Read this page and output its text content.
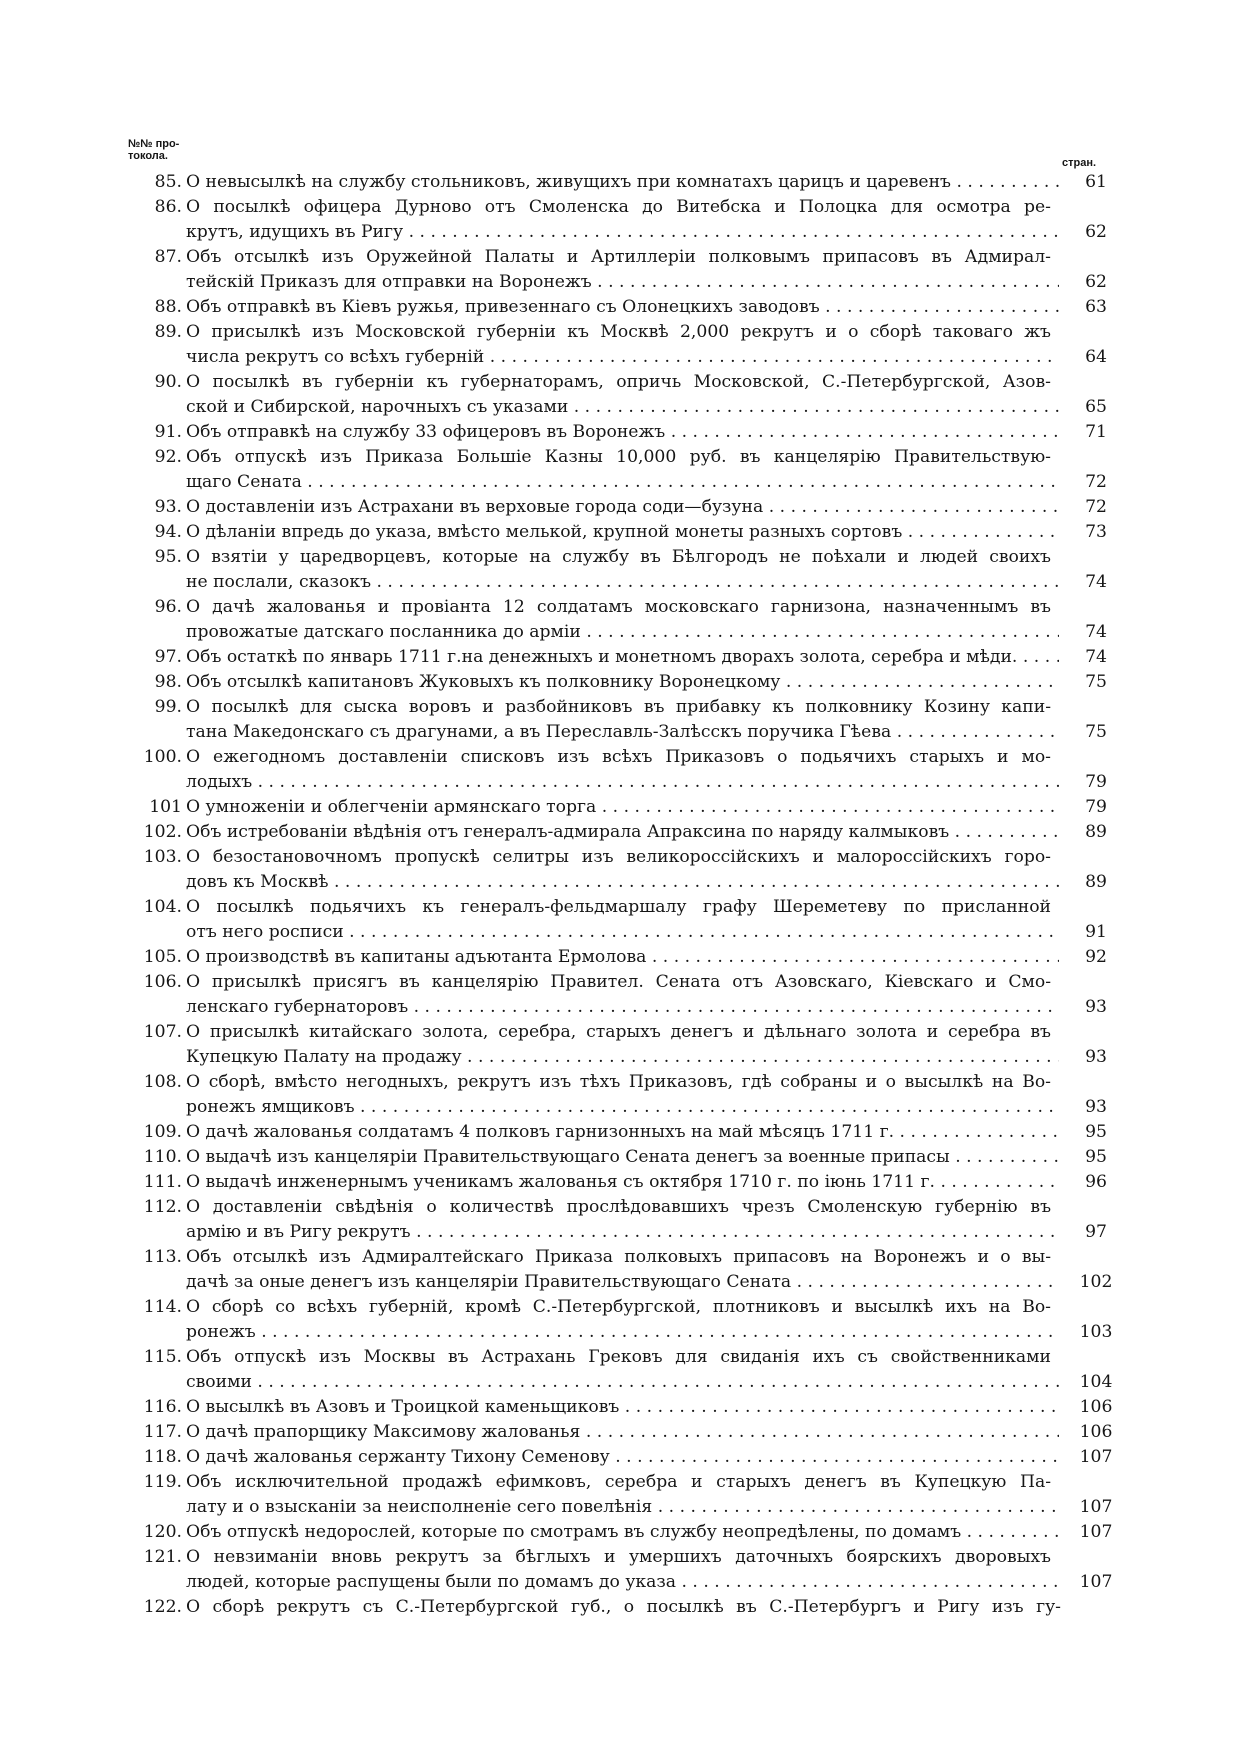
№№ про-
токола.
стран.
85. О невысылкѣ на службу стольниковъ, живущихъ при комнатахъ царицъ и царевенъ . . .	61
86. О посылкѣ офицера Дурново отъ Смоленска до Витебска и Полоцка для осмотра ре-
крутъ, идущихъ въ Ригу . . .	62
87. Объ отсылкѣ изъ Оружейной Палаты и Артиллеріи полковымъ припасовъ въ Адмирал-
тейскій Приказъ для отправки на Воронежъ . . .	62
88. Объ отправкѣ въ Кіевъ ружья, привезеннаго съ Олонецкихъ заводовъ . . .	63
89. О присылкѣ изъ Московской губерніи къ Москвѣ 2,000 рекрутъ и о сборѣ таковаго жъ
числа рекрутъ со всѣхъ губерній . . .	64
90. О посылкѣ въ губерніи къ губернаторамъ, опричь Московской, С.-Петербургской, Азов-
ской и Сибирской, нарочныхъ съ указами . . .	65
91. Объ отправкѣ на службу 33 офицеровъ въ Воронежъ . . .	71
92. Объ отпускѣ изъ Приказа Большіе Казны 10,000 руб. въ канцелярію Правительствую-
щаго Сената . . .	72
93. О доставленіи изъ Астрахани въ верховые города соди—бузуна . . .	72
94. О дѣланіи впредь до указа, вмѣсто мелькой, крупной монеты разныхъ сортовъ . . .	73
95. О взятіи у царедворцевъ, которые на службу въ Бѣлгородъ не поѣхали и людей своихъ
не послали, сказокъ . . .	74
96. О дачѣ жалованья и провіанта 12 солдатамъ московскаго гарнизона, назначеннымъ въ
провожатые датскаго посланника до арміи . . .	74
97. Объ остаткѣ по январь 1711 г.на денежныхъ и монетномъ дворахъ золота, серебра и мѣди. . . .	74
98. Объ отсылкѣ капитановъ Жуковыхъ къ полковнику Воронецкому . . .	75
99. О посылкѣ для сыска воровъ и разбойниковъ въ прибавку къ полковнику Козину капи-
тана Македонскаго съ драгунами, а въ Переславль-Залѣсскъ поручика Гѣева . . .	75
100. О ежегодномъ доставленіи списковъ изъ всѣхъ Приказовъ о подьячихъ старыхъ и мо-
лодыхъ . . .	79
101 О умноженіи и облегченіи армянскаго торга . . .	79
102. Объ истребованіи вѣдѣнія отъ генералъ-адмирала Апраксина по наряду калмыковъ . . .	89
103. О безостановочномъ пропускѣ селитры изъ великороссійскихъ и малороссійскихъ горо-
довъ къ Москвѣ . . .	89
104. О посылкѣ подьячихъ къ генералъ-фельдмаршалу графу Шереметеву по присланной
отъ него росписи . . .	91
105. О производствѣ въ капитаны адъютанта Ермолова . . .	92
106. О присылкѣ присягъ въ канцелярію Правител. Сената отъ Азовскаго, Кіевскаго и Смо-
ленскаго губернаторовъ . . .	93
107. О присылкѣ китайскаго золота, серебра, старыхъ денегъ и дѣльнаго золота и серебра въ
Купецкую Палату на продажу . . .	93
108. О сборѣ, вмѣсто негодныхъ, рекрутъ изъ тѣхъ Приказовъ, гдѣ собраны и о высылкѣ на Во-
ронежъ ямщиковъ . . .	93
109. О дачѣ жалованья солдатамъ 4 полковъ гарнизонныхъ на май мѣсяцъ 1711 г. . . .	95
110. О выдачѣ изъ канцеляріи Правительствующаго Сената денегъ за военные припасы . . .	95
111. О выдачѣ инженернымъ ученикамъ жалованья съ октября 1710 г. по іюнь 1711 г. . . .	96
112. О доставленіи свѣдѣнія о количествѣ прослѣдовавшихъ чрезъ Смоленскую губернію въ
армію и въ Ригу рекрутъ . . .	97
113. Объ отсылкѣ изъ Адмиралтейскаго Приказа полковыхъ припасовъ на Воронежъ и о вы-
дачѣ за оные денегъ изъ канцеляріи Правительствующаго Сената . . .	102
114. О сборѣ со всѣхъ губерній, кромѣ С.-Петербургской, плотниковъ и высылкѣ ихъ на Во-
ронежъ . . .	103
115. Объ отпускѣ изъ Москвы въ Астрахань Грековъ для свиданія ихъ съ свойственниками
своими . . .	104
116. О высылкѣ въ Азовъ и Троицкой каменьщиковъ . . .	106
117. О дачѣ прапорщику Максимову жалованья . . .	106
118. О дачѣ жалованья сержанту Тихону Семенову . . .	107
119. Объ исключительной продажѣ ефимковъ, серебра и старыхъ денегъ въ Купецкую Па-
лату и о взысканіи за неисполненіе сего повелѣнія . . .	107
120. Объ отпускѣ недорослей, которые по смотрамъ въ службу неопредѣлены, по домамъ . . .	107
121. О невзиманіи вновь рекрутъ за бѣглыхъ и умершихъ даточныхъ боярскихъ дворовыхъ
людей, которые распущены были по домамъ до указа . . .	107
122. О сборѣ рекрутъ съ С.-Петербургской губ., о посылкѣ въ С.-Петербургъ и Ригу изъ гу-
